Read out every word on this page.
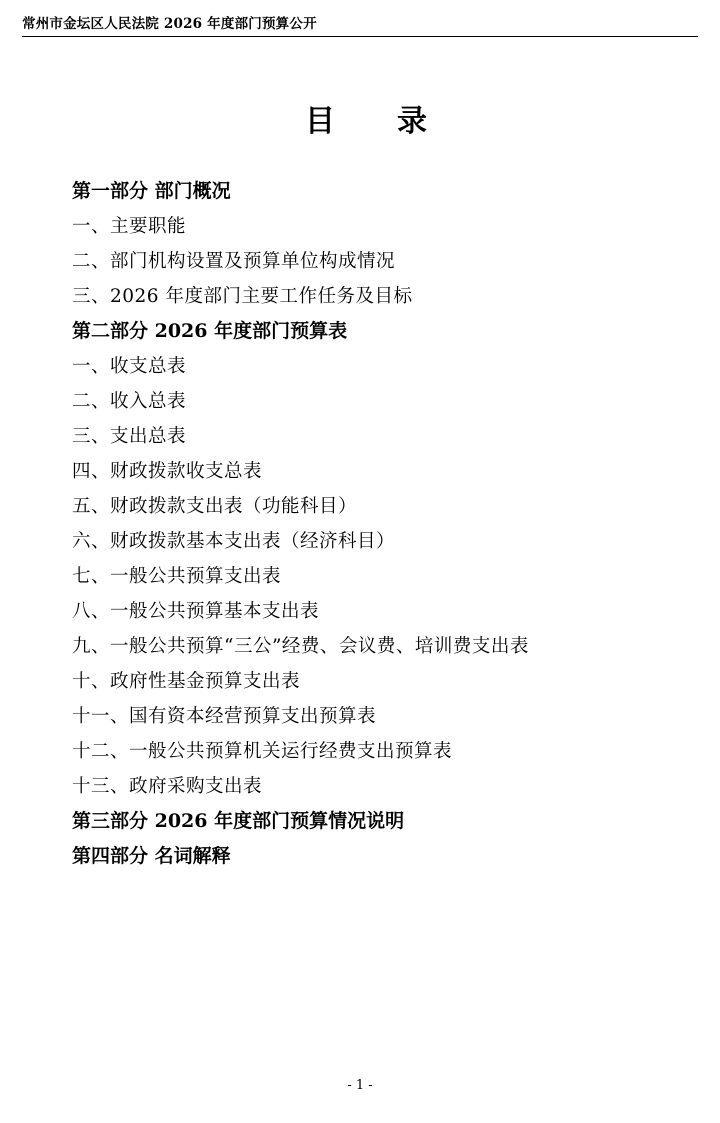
常州市金坛区人民法院 2026 年度部门预算公开
目　录
第一部分 部门概况
一、主要职能
二、部门机构设置及预算单位构成情况
三、2026 年度部门主要工作任务及目标
第二部分 2026 年度部门预算表
一、收支总表
二、收入总表
三、支出总表
四、财政拨款收支总表
五、财政拨款支出表（功能科目）
六、财政拨款基本支出表（经济科目）
七、一般公共预算支出表
八、一般公共预算基本支出表
九、一般公共预算“三公”经费、会议费、培训费支出表
十、政府性基金预算支出表
十一、国有资本经营预算支出预算表
十二、一般公共预算机关运行经费支出预算表
十三、政府采购支出表
第三部分 2026 年度部门预算情况说明
第四部分 名词解释
- 1 -
